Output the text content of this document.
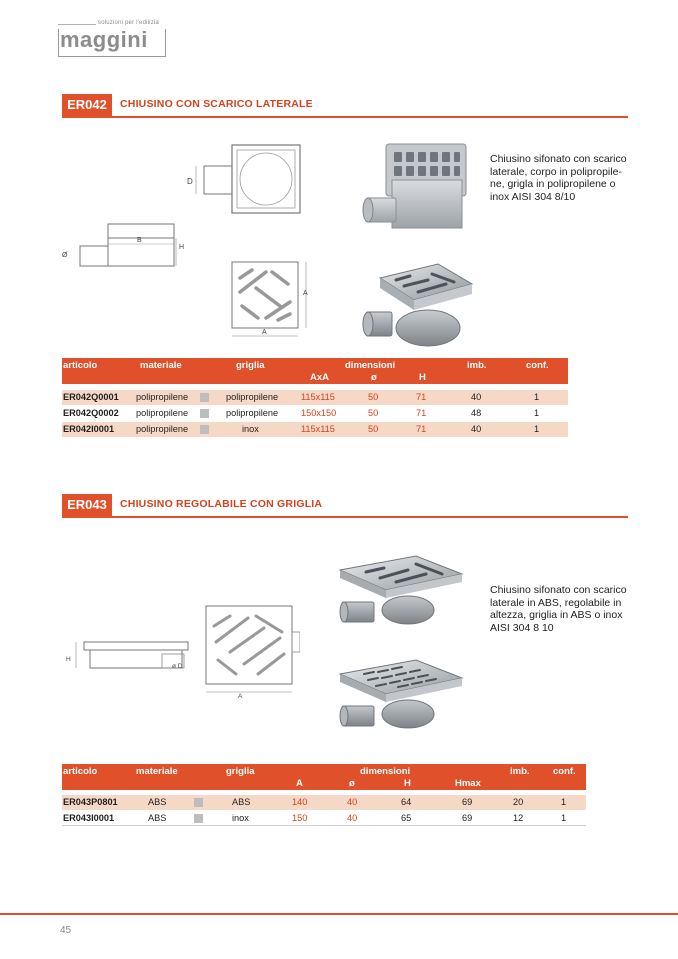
soluzioni per l'edilizia
maggini
ER042	CHIUSINO CON SCARICO LATERALE
D
B
H
Ø
A
A
Chiusino sifonato con scarico
laterale, corpo in polipropile-
ne, grigla in polipropilene o
inox AISI 304 8/10
articolo	materiale	griglia	dimensioni	imb.	conf.
AxA	ø	H
ER042Q0001 polipropilene	polipropilene 115x115	50	71	40	1
ER042Q0002 polipropilene	polipropilene 150x150	50	71	48	1
ER042I0001 polipropilene	inox	115x115	50	71	40	1
ER043	CHIUSINO REGOLABILE CON GRIGLIA
H
ø D
A
Chiusino sifonato con scarico
laterale in ABS, regolabile in
altezza, griglia in ABS o inox
AISI 304 8 10
articolo	materiale	griglia	dimensioni	imb. conf.
A	ø	H	Hmax
ER043P0801	ABS	ABS	140	40	64	69	20	1
ER043I0001	ABS	inox	150	40	65	69	12	1
45
